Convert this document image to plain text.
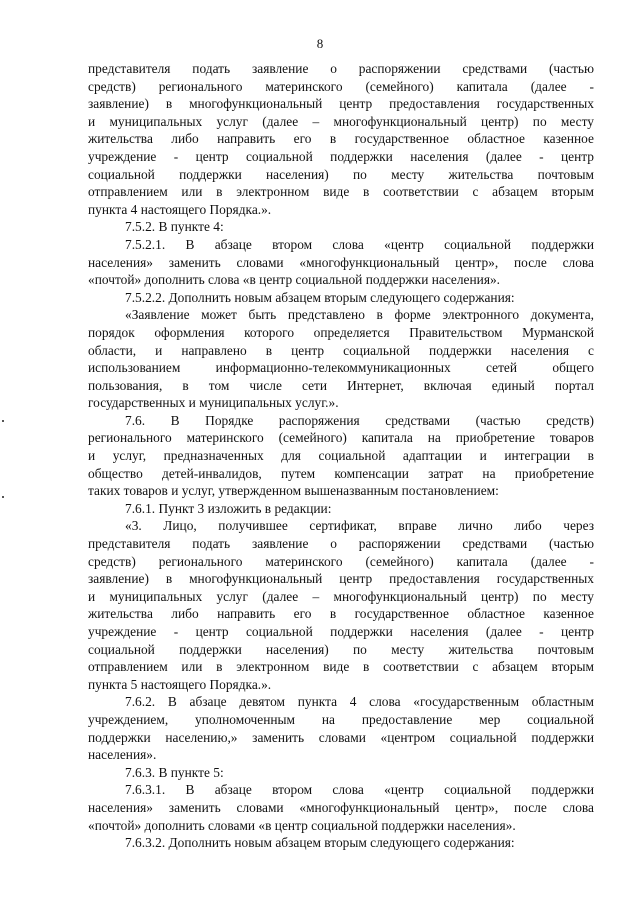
8
представителя подать заявление о распоряжении средствами (частью
средств) регионального материнского (семейного) капитала (далее -
заявление) в многофункциональный центр предоставления государственных
и муниципальных услуг (далее – многофункциональный центр) по месту
жительства либо направить его в государственное областное казенное
учреждение - центр социальной поддержки населения (далее - центр
социальной поддержки населения) по месту жительства почтовым
отправлением или в электронном виде в соответствии с абзацем вторым
пункта 4 настоящего Порядка.».
7.5.2. В пункте 4:
7.5.2.1. В абзаце втором слова «центр социальной поддержки
населения» заменить словами «многофункциональный центр», после слова
«почтой» дополнить слова «в центр социальной поддержки населения».
7.5.2.2. Дополнить новым абзацем вторым следующего содержания:
«Заявление может быть представлено в форме электронного документа,
порядок оформления которого определяется Правительством Мурманской
области, и направлено в центр социальной поддержки населения с
использованием информационно-телекоммуникационных сетей общего
пользования, в том числе сети Интернет, включая единый портал
государственных и муниципальных услуг.».
7.6. В Порядке распоряжения средствами (частью средств)
регионального материнского (семейного) капитала на приобретение товаров
и услуг, предназначенных для социальной адаптации и интеграции в
общество детей-инвалидов, путем компенсации затрат на приобретение
таких товаров и услуг, утвержденном вышеназванным постановлением:
7.6.1. Пункт 3 изложить в редакции:
«3. Лицо, получившее сертификат, вправе лично либо через
представителя подать заявление о распоряжении средствами (частью
средств) регионального материнского (семейного) капитала (далее -
заявление) в многофункциональный центр предоставления государственных
и муниципальных услуг (далее – многофункциональный центр) по месту
жительства либо направить его в государственное областное казенное
учреждение - центр социальной поддержки населения (далее - центр
социальной поддержки населения) по месту жительства почтовым
отправлением или в электронном виде в соответствии с абзацем вторым
пункта 5 настоящего Порядка.».
7.6.2. В абзаце девятом пункта 4 слова «государственным областным
учреждением, уполномоченным на предоставление мер социальной
поддержки населению,» заменить словами «центром социальной поддержки
населения».
7.6.3. В пункте 5:
7.6.3.1. В абзаце втором слова «центр социальной поддержки
населения» заменить словами «многофункциональный центр», после слова
«почтой» дополнить словами «в центр социальной поддержки населения».
7.6.3.2. Дополнить новым абзацем вторым следующего содержания:
